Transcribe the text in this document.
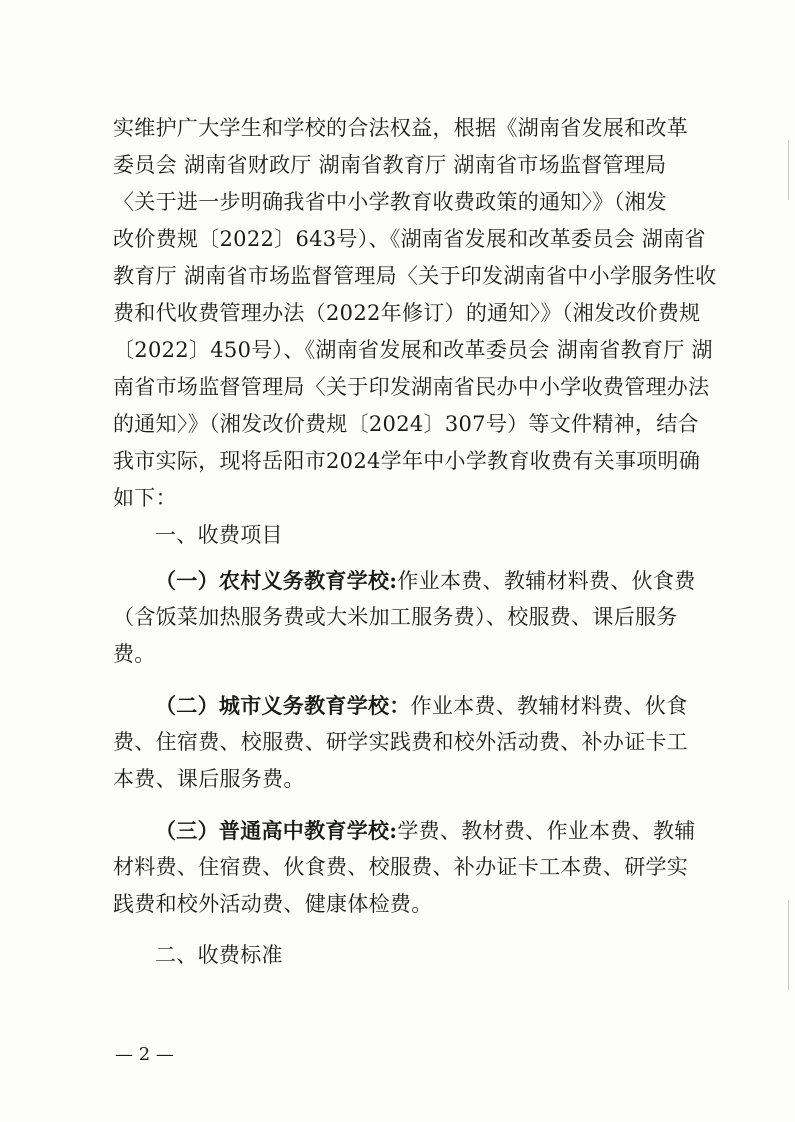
实维护广大学生和学校的合法权益，根据《湖南省发展和改革
委员会 湖南省财政厅 湖南省教育厅 湖南省市场监督管理局
〈关于进一步明确我省中小学教育收费政策的通知〉》（湘发
改价费规〔2022〕643号）、《湖南省发展和改革委员会 湖南省
教育厅 湖南省市场监督管理局〈关于印发湖南省中小学服务性收
费和代收费管理办法（2022年修订）的通知〉》（湘发改价费规
〔2022〕450号）、《湖南省发展和改革委员会 湖南省教育厅 湖
南省市场监督管理局〈关于印发湖南省民办中小学收费管理办法
的通知〉》（湘发改价费规〔2024〕307号）等文件精神，结合
我市实际，现将岳阳市2024学年中小学教育收费有关事项明确
如下：
一、收费项目
（一）农村义务教育学校:作业本费、教辅材料费、伙食费
（含饭菜加热服务费或大米加工服务费）、校服费、课后服务
费。
（二）城市义务教育学校：作业本费、教辅材料费、伙食
费、住宿费、校服费、研学实践费和校外活动费、补办证卡工
本费、课后服务费。
（三）普通高中教育学校:学费、教材费、作业本费、教辅
材料费、住宿费、伙食费、校服费、补办证卡工本费、研学实
践费和校外活动费、健康体检费。
二、收费标准
— 2 —
